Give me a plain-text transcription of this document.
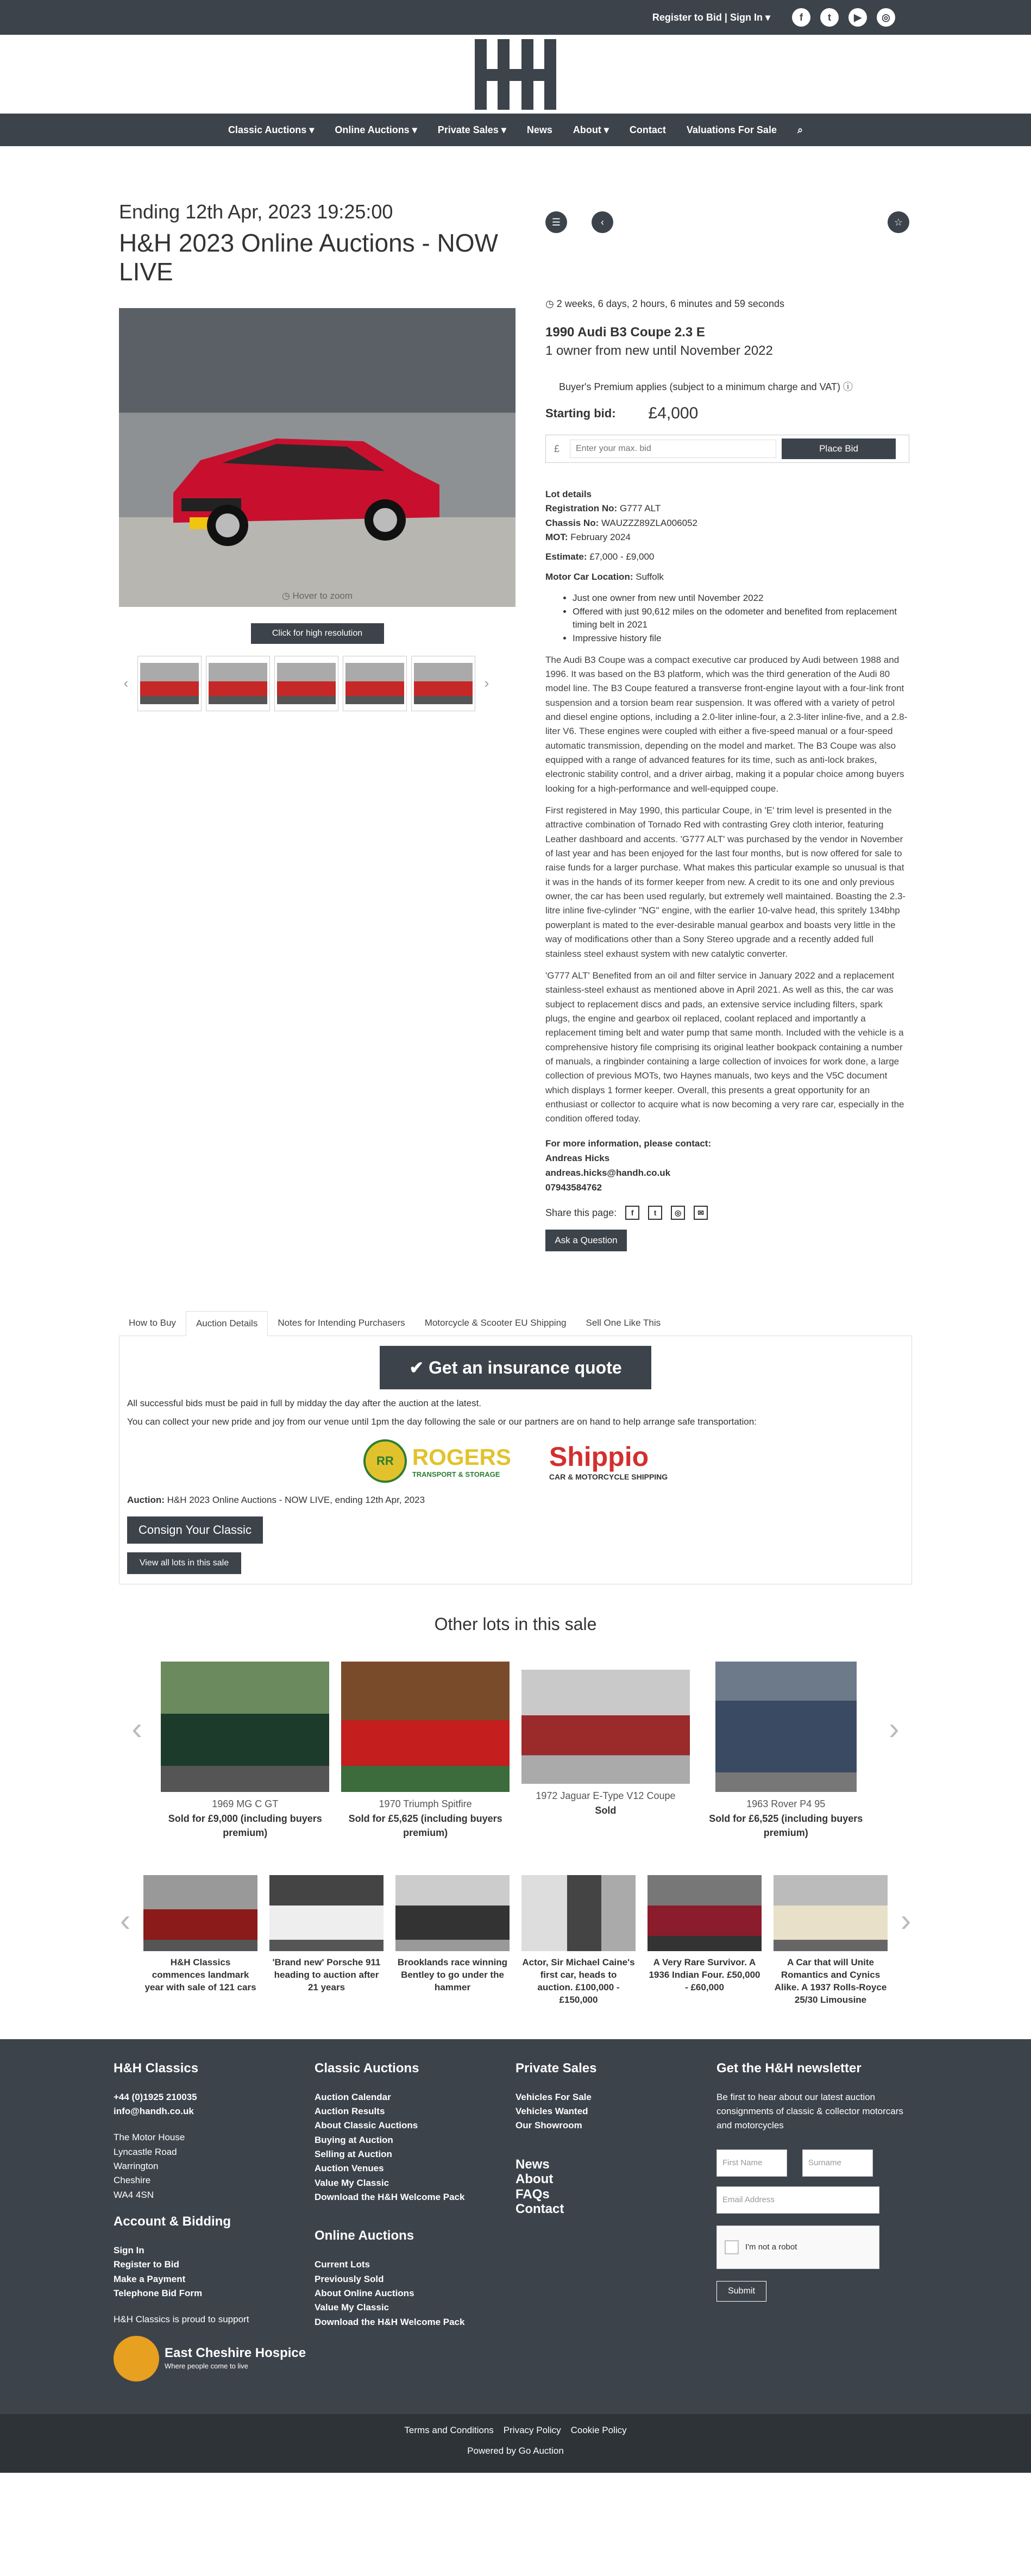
Register to Bid | Sign In ▾	f	t	▶	◎
Classic Auctions ▾ Online Auctions ▾ Private Sales ▾ News About ▾ Contact Valuations For Sale ⌕
Ending 12th Apr, 2023 19:25:00
H&H 2023 Online Auctions - NOW LIVE
◷ Hover to zoom
Click for high resolution
‹	›
☰	‹	☆
◷ 2 weeks, 6 days, 2 hours, 6 minutes and 59 seconds
1990 Audi B3 Coupe 2.3 E
1 owner from new until November 2022
Buyer's Premium applies (subject to a minimum charge and VAT) ⓘ
Starting bid: £4,000
£
Enter your max. bid	Place Bid
Lot details
Registration No: G777 ALT
Chassis No: WAUZZZ89ZLA006052
MOT: February 2024
Estimate: £7,000 - £9,000
Motor Car Location: Suffolk
• Just one owner from new until November 2022
• Offered with just 90,612 miles on the odometer and benefited from replacement timing belt in 2021
• Impressive history file

The Audi B3 Coupe was a compact executive car produced by Audi between 1988 and 1996. It was based on the B3 platform, which was the third generation of the Audi 80 model line. The B3 Coupe featured a transverse front-engine layout with a four-link front suspension and a torsion beam rear suspension. It was offered with a variety of petrol and diesel engine options, including a 2.0-liter inline-four, a 2.3-liter inline-five, and a 2.8-liter V6. These engines were coupled with either a five-speed manual or a four-speed automatic transmission, depending on the model and market. The B3 Coupe was also equipped with a range of advanced features for its time, such as anti-lock brakes, electronic stability control, and a driver airbag, making it a popular choice among buyers looking for a high-performance and well-equipped coupe.

First registered in May 1990, this particular Coupe, in 'E' trim level is presented in the attractive combination of Tornado Red with contrasting Grey cloth interior, featuring Leather dashboard and accents. 'G777 ALT' was purchased by the vendor in November of last year and has been enjoyed for the last four months, but is now offered for sale to raise funds for a larger purchase. What makes this particular example so unusual is that it was in the hands of its former keeper from new. A credit to its one and only previous owner, the car has been used regularly, but extremely well maintained. Boasting the 2.3-litre inline five-cylinder "NG" engine, with the earlier 10-valve head, this spritely 134bhp powerplant is mated to the ever-desirable manual gearbox and boasts very little in the way of modifications other than a Sony Stereo upgrade and a recently added full stainless steel exhaust system with new catalytic converter.

'G777 ALT' Benefited from an oil and filter service in January 2022 and a replacement stainless-steel exhaust as mentioned above in April 2021. As well as this, the car was subject to replacement discs and pads, an extensive service including filters, spark plugs, the engine and gearbox oil replaced, coolant replaced and importantly a replacement timing belt and water pump that same month. Included with the vehicle is a comprehensive history file comprising its original leather bookpack containing a number of manuals, a ringbinder containing a large collection of invoices for work done, a large collection of previous MOTs, two Haynes manuals, two keys and the V5C document which displays 1 former keeper. Overall, this presents a great opportunity for an enthusiast or collector to acquire what is now becoming a very rare car, especially in the condition offered today.

For more information, please contact:
Andreas Hicks
andreas.hicks@handh.co.uk
07943584762
Share this page:	f	t	◎	✉
Ask a Question
How to Buy	Auction Details	Notes for Intending Purchasers	Motorcycle & Scooter EU Shipping	Sell One Like This
✔ Get an insurance quote

All successful bids must be paid in full by midday the day after the auction at the latest.

You can collect your new pride and joy from our venue until 1pm the day following the sale or our partners are on hand to help arrange safe transportation:

RR ROGERS
TRANSPORT & STORAGE
Shippio
CAR & MOTORCYCLE SHIPPING

Auction: H&H 2023 Online Auctions - NOW LIVE, ending 12th Apr, 2023

Consign Your Classic
View all lots in this sale
Other lots in this sale
‹
1969 MG C GT
Sold for £9,000 (including buyers premium)
1970 Triumph Spitfire
Sold for £5,625 (including buyers premium)
1972 Jaguar E-Type V12 Coupe
Sold
1963 Rover P4 95
Sold for £6,525 (including buyers premium)
›
‹
H&H Classics commences landmark year with sale of 121 cars
'Brand new' Porsche 911 heading to auction after 21 years
Brooklands race winning Bentley to go under the hammer
Actor, Sir Michael Caine's first car, heads to auction. £100,000 - £150,000
A Very Rare Survivor. A 1936 Indian Four. £50,000 - £60,000
A Car that will Unite Romantics and Cynics Alike. A 1937 Rolls-Royce 25/30 Limousine
›
H&H Classics

+44 (0)1925 210035

info@handh.co.uk

The Motor House

Lyncastle Road

Warrington

Cheshire

WA4 4SN

Account & Bidding
Sign In
Register to Bid
Make a Payment
Telephone Bid Form

H&H Classics is proud to support

East Cheshire Hospice
Where people come to live
Classic Auctions
Auction Calendar
Auction Results
About Classic Auctions
Buying at Auction
Selling at Auction
Auction Venues
Value My Classic
Download the H&H Welcome Pack
Online Auctions
Current Lots
Previously Sold
About Online Auctions
Value My Classic
Download the H&H Welcome Pack
Private Sales
Vehicles For Sale
Vehicles Wanted
Our Showroom
News
About
FAQs
Contact
Get the H&H newsletter

Be first to hear about our latest auction consignments of classic & collector motorcars and motorcycles

First Name	Surname
Email Address
I'm not a robot
Submit
Terms and Conditions Privacy Policy Cookie Policy
Powered by Go Auction
